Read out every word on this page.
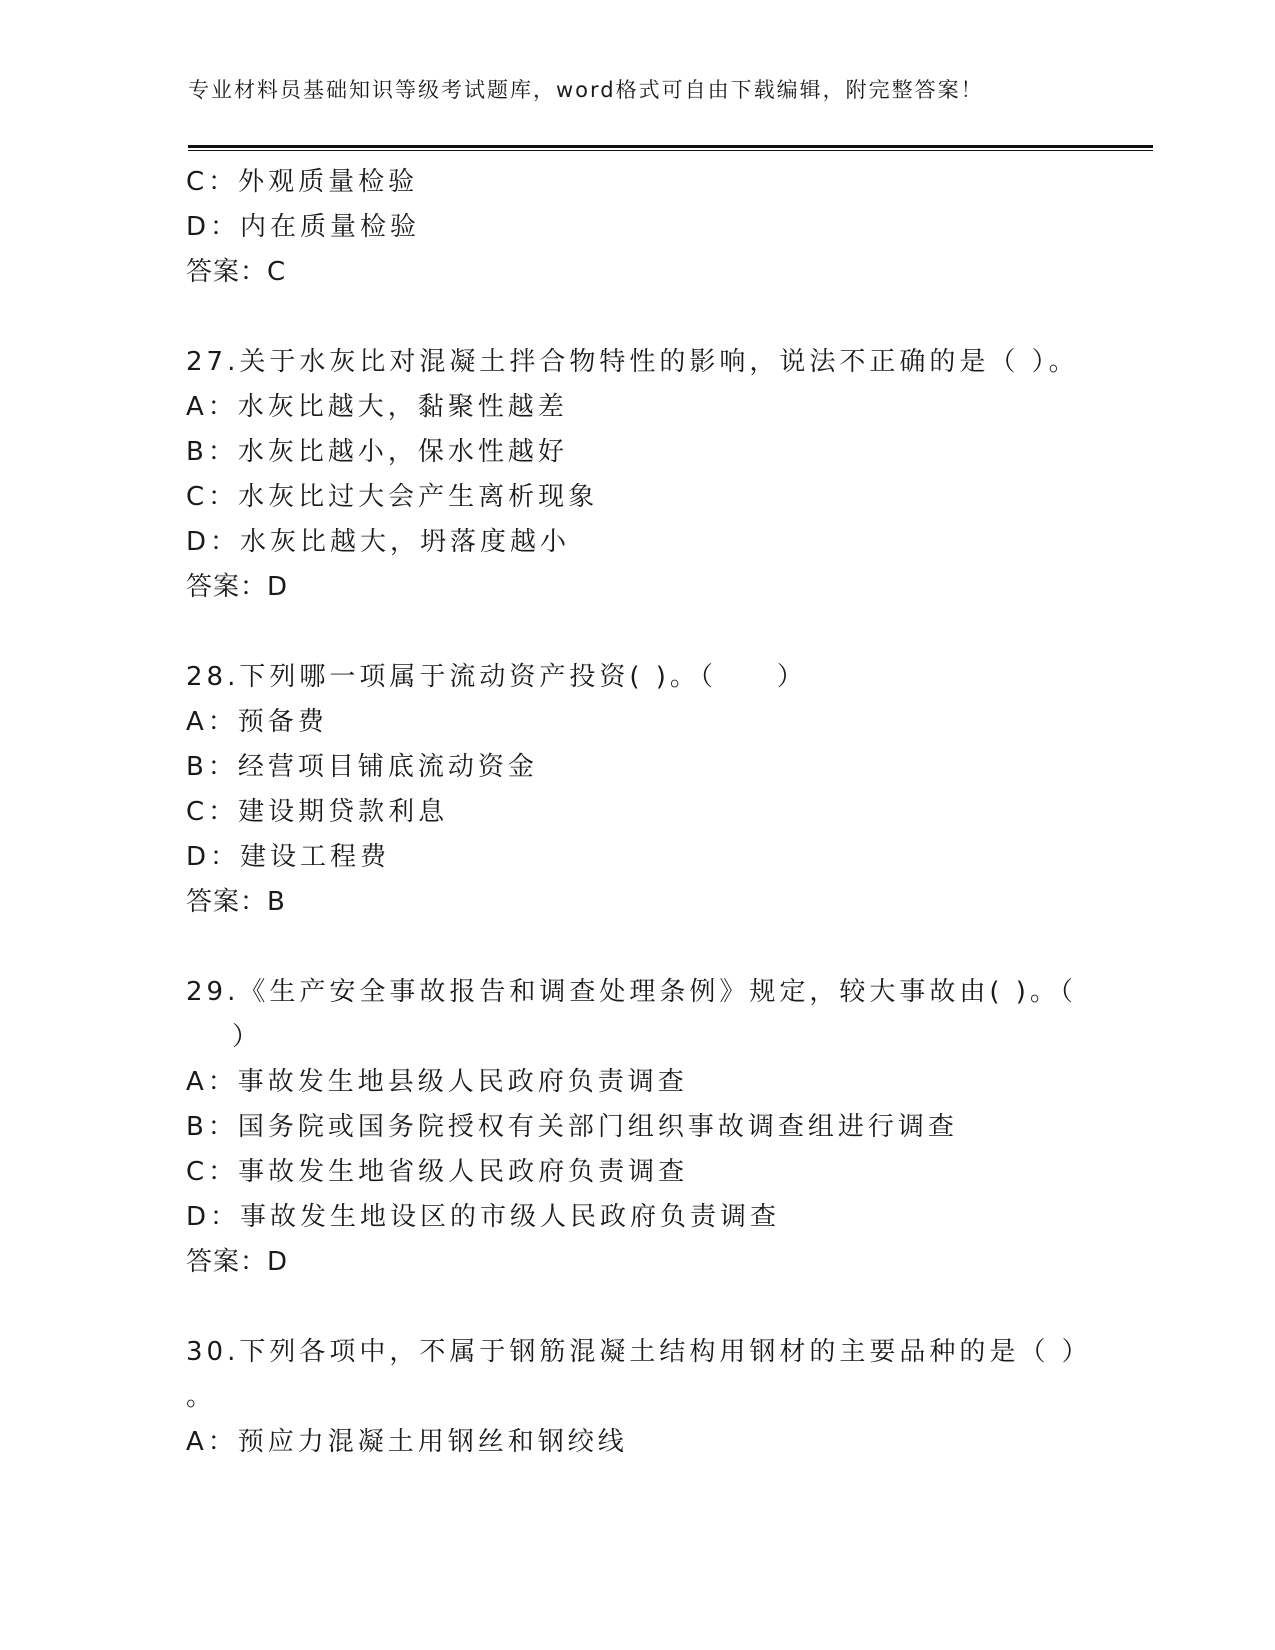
专业材料员基础知识等级考试题库，word格式可自由下载编辑，附完整答案！
C：外观质量检验
D：内在质量检验
答案：C
27.关于水灰比对混凝土拌合物特性的影响，说法不正确的是（ ）。
A：水灰比越大，黏聚性越差
B：水灰比越小，保水性越好
C：水灰比过大会产生离析现象
D：水灰比越大，坍落度越小
答案：D
28.下列哪一项属于流动资产投资( )。（　　）
A：预备费
B：经营项目铺底流动资金
C：建设期贷款利息
D：建设工程费
答案：B
29.《生产安全事故报告和调查处理条例》规定，较大事故由( )。（
）
A：事故发生地县级人民政府负责调查
B：国务院或国务院授权有关部门组织事故调查组进行调查
C：事故发生地省级人民政府负责调查
D：事故发生地设区的市级人民政府负责调查
答案：D
30.下列各项中，不属于钢筋混凝土结构用钢材的主要品种的是（ ）
。
A：预应力混凝土用钢丝和钢绞线
